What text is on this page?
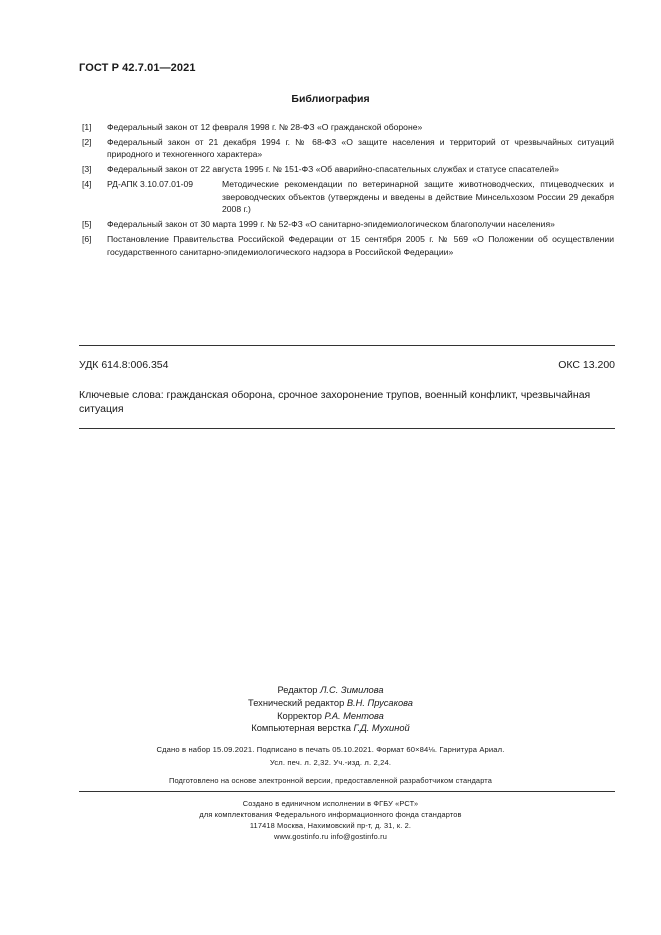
ГОСТ Р 42.7.01—2021
Библиография
[1] Федеральный закон от 12 февраля 1998 г. № 28-ФЗ «О гражданской обороне»
[2] Федеральный закон от 21 декабря 1994 г. № 68-ФЗ «О защите населения и территорий от чрезвычайных ситуаций природного и техногенного характера»
[3] Федеральный закон от 22 августа 1995 г. № 151-ФЗ «Об аварийно-спасательных службах и статусе спасателей»
[4] РД-АПК 3.10.07.01-09	Методические рекомендации по ветеринарной защите животноводческих, птицеводческих и звероводческих объектов (утверждены и введены в действие Минсельхозом России 29 декабря 2008 г.)
[5] Федеральный закон от 30 марта 1999 г. № 52-ФЗ «О санитарно-эпидемиологическом благополучии населения»
[6] Постановление Правительства Российской Федерации от 15 сентября 2005 г. № 569 «О Положении об осуществлении государственного санитарно-эпидемиологического надзора в Российской Федерации»
УДК 614.8:006.354	ОКС 13.200
Ключевые слова: гражданская оборона, срочное захоронение трупов, военный конфликт, чрезвычайная ситуация
Редактор Л.С. Зимилова
Технический редактор В.Н. Прусакова
Корректор Р.А. Ментова
Компьютерная верстка Г.Д. Мухиной
Сдано в набор 15.09.2021. Подписано в печать 05.10.2021. Формат 60×84⅛. Гарнитура Ариал.
Усл. печ. л. 2,32. Уч.-изд. л. 2,24.
Подготовлено на основе электронной версии, предоставленной разработчиком стандарта
Создано в единичном исполнении в ФГБУ «РСТ»
для комплектования Федерального информационного фонда стандартов
117418 Москва, Нахимовский пр-т, д. 31, к. 2.
www.gostinfo.ru info@gostinfo.ru
